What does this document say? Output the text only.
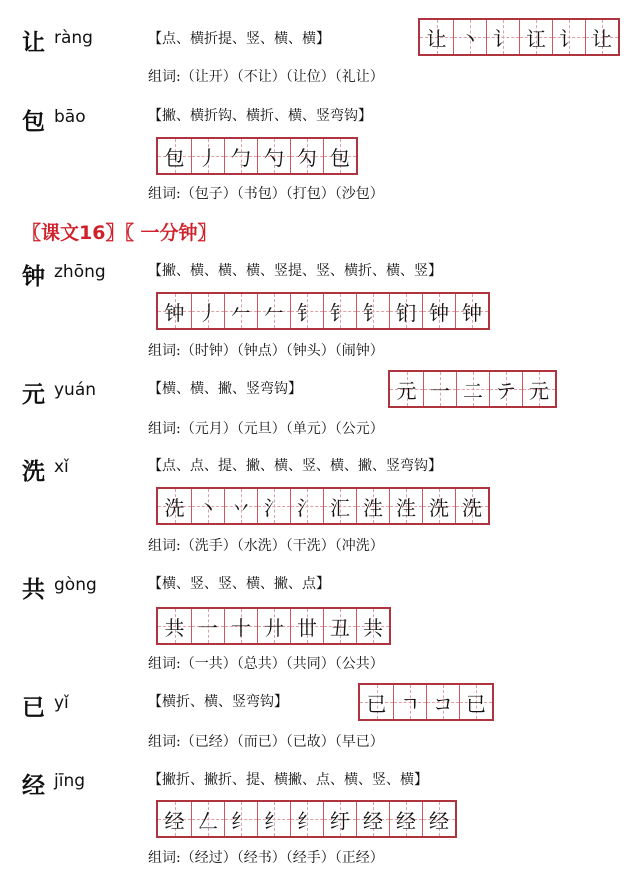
让 ràng	【点、横折提、竖、横、横】	让 丶 讠 讧 讠 让
组词:（让开）（不让）（让位）（礼让）
包 bāo	【撇、横折钩、横折、横、竖弯钩】
包 丿 勹 勺 勽 包
组词:（包子）（书包）（打包）（沙包）
〖课文16〗〖 一分钟〗
钟 zhōng	【撇、横、横、横、竖提、竖、横折、横、竖】
钟 丿 𠂉 𠂉 钅 钅 钅 钔 钟 钟
组词:（时钟）（钟点）（钟头）（闹钟）
元 yuán	【横、横、撇、竖弯钩】	元 一 二 テ 元
组词:（元月）（元旦）（单元）（公元）
洗 xǐ	【点、点、提、撇、横、竖、横、撇、竖弯钩】
洗 丶 丷 氵 氵 汇 泩 泩 洗 洗
组词:（洗手）（水洗）（干洗）（冲洗）
共 gòng	【横、竖、竖、横、撇、点】
共 一 十 廾 丗 丑 共
组词:（一共）（总共）（共同）（公共）
已 yǐ	【横折、横、竖弯钩】	已 ㄱ コ 已
组词:（已经）（而已）（已故）（早已）
经 jīng	【撇折、撇折、提、横撇、点、横、竖、横】
经 𠃋 纟 纟 纟 纡 经 经 经
组词:（经过）（经书）（经手）（正经）
